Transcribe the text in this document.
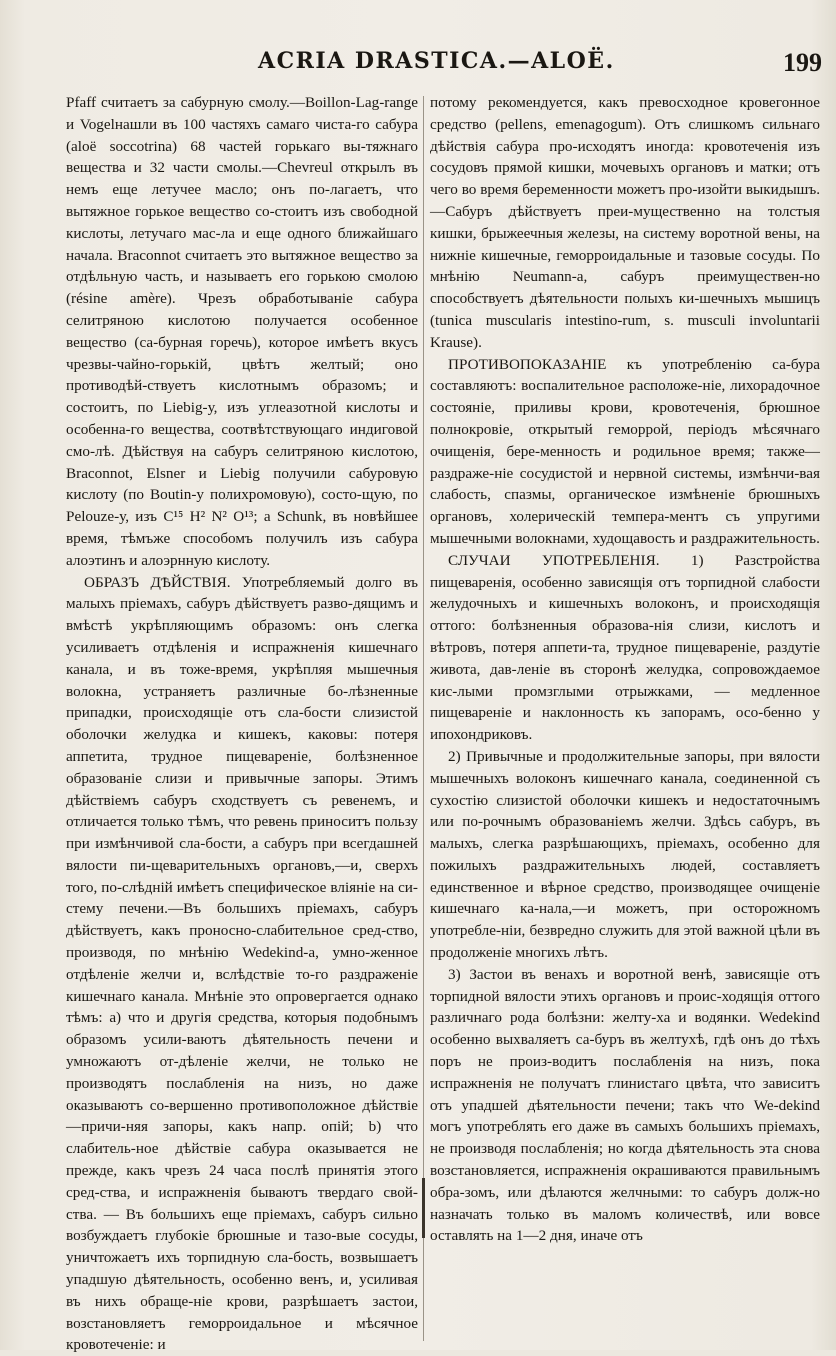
ACRIA DRASTICA.—ALOË.	199

Pfaff считаетъ за сабурную смолу.—Boillon-Lag-range и Vogelнашли въ 100 частяхъ самаго чиста-го сабура (aloë soccotrina) 68 частей горькаго вы-тяжнаго вещества и 32 части смолы.—Chevreul открылъ въ немъ еще летучее масло; онъ по-лагаетъ, что вытяжное горькое вещество со-стоитъ изъ свободной кислоты, летучаго мас-ла и еще одного ближайшаго начала. Braconnot считаетъ это вытяжное вещество за отдѣльную часть, и называетъ его горькою смолою (résine amère). Чрезъ обработываніе сабура селитряною кислотою получается особенное вещество (са-бурная горечь), которое имѣетъ вкусъ чрезвы-чайно-горькій, цвѣтъ желтый; оно противодѣй-ствуетъ кислотнымъ образомъ; и состоитъ, по Liebig-у, изъ углеазотной кислоты и особенна-го вещества, соотвѣтствующаго индиговой смо-лѣ. Дѣйствуя на сабуръ селитряною кислотою, Braconnot, Elsner и Liebig получили сабуровую кислоту (по Boutin-у полихромовую), состо-щую, по Pelouze-у, изъ C¹⁵ H² N² O¹³; а Schunk, въ новѣйшее время, тѣмъже способомъ получилъ изъ сабура алоэтинъ и алоэрнную кислоту.

ОБРАЗЪ ДѢЙСТВІЯ. Употребляемый долго въ малыхъ пріемахъ, сабуръ дѣйствуетъ разво-дящимъ и вмѣстѣ укрѣпляющимъ образомъ: онъ слегка усиливаетъ отдѣленія и испражненія кишечнаго канала, и въ тоже-время, укрѣпляя мышечныя волокна, устраняетъ различные бо-лѣзненные припадки, происходящіе отъ сла-бости слизистой оболочки желудка и кишекъ, каковы: потеря аппетита, трудное пищевареніе, болѣзненное образованіе слизи и привычные запоры. Этимъ дѣйствіемъ сабуръ сходствуетъ съ ревенемъ, и отличается только тѣмъ, что ревень приноситъ пользу при измѣнчивой сла-бости, а сабуръ при всегдашней вялости пи-щеварительныхъ органовъ,—и, сверхъ того, по-слѣдній имѣетъ специфическое вліяніе на си-стему печени.—Въ большихъ пріемахъ, сабуръ дѣйствуетъ, какъ проносно-слабительное сред-ство, производя, по мнѣнію Wedekind-а, умно-женное отдѣленіе желчи и, вслѣдствіе то-го раздраженіе кишечнаго канала. Мнѣніе это опровергается однако тѣмъ: a) что и другія средства, которыя подобнымъ образомъ усили-ваютъ дѣятельность печени и умножаютъ от-дѣленіе желчи, не только не производятъ послабленія на низъ, но даже оказываютъ со-вершенно противоположное дѣйствіе—причи-няя запоры, какъ напр. опій; b) что слабитель-ное дѣйствіе сабура оказывается не прежде, какъ чрезъ 24 часа послѣ принятія этого сред-ства, и испражненія бываютъ твердаго свой-ства. — Въ большихъ еще пріемахъ, сабуръ сильно возбуждаетъ глубокіе брюшные и тазо-вые сосуды, уничтожаетъ ихъ торпидную сла-бость, возвышаетъ упадшую дѣятельность, особенно венъ, и, усиливая въ нихъ обраще-ніе крови, разрѣшаетъ застои, возстановляетъ геморроидальное и мѣсячное кровотеченіе: и

потому рекомендуется, какъ превосходное кровегонное средство (pellens, emenagogum). Отъ слишкомъ сильнаго дѣйствія сабура про-исходятъ иногда: кровотеченія изъ сосудовъ прямой кишки, мочевыхъ органовъ и матки; отъ чего во время беременности можетъ про-изойти выкидышъ.—Сабуръ дѣйствуетъ преи-мущественно на толстыя кишки, брыжеечныя железы, на систему воротной вены, на нижніе кишечные, геморроидальные и тазовые сосуды. По мнѣнію Neumann-а, сабуръ преимуществен-но способствуетъ дѣятельности полыхъ ки-шечныхъ мышицъ (tunica muscularis intestino-rum, s. musculi involuntarii Krause).

ПРОТИВОПОКАЗАНІЕ къ употребленію са-бура составляютъ: воспалительное расположе-ніе, лихорадочное состояніе, приливы крови, кровотеченія, брюшное полнокровіе, открытый геморрой, періодъ мѣсячнаго очищенія, бере-менность и родильное время; также—раздраже-ніе сосудистой и нервной системы, измѣнчи-вая слабость, спазмы, органическое измѣненіе брюшныхъ органовъ, холерическій темпера-ментъ съ упругими мышечными волокнами, худощавость и раздражительность.

СЛУЧАИ УПОТРЕБЛЕНІЯ. 1) Разстройства пищеваренія, особенно зависящія отъ торпидной слабости желудочныхъ и кишечныхъ волоконъ, и происходящія оттого: болѣзненныя образова-нія слизи, кислотъ и вѣтровъ, потеря аппети-та, трудное пищевареніе, раздутіе живота, дав-леніе въ сторонѣ желудка, сопровождаемое кис-лыми промзглыми отрыжками, — медленное пищевареніе и наклонность къ запорамъ, осо-бенно у ипохондриковъ.

2) Привычные и продолжительные запоры, при вялости мышечныхъ волоконъ кишечнаго канала, соединенной съ сухостію слизистой оболочки кишекъ и недостаточнымъ или по-рочнымъ образованіемъ желчи. Здѣсь сабуръ, въ малыхъ, слегка разрѣшающихъ, пріемахъ, особенно для пожилыхъ раздражительныхъ людей, составляетъ единственное и вѣрное средство, производящее очищеніе кишечнаго ка-нала,—и можетъ, при осторожномъ употребле-ніи, безвредно служить для этой важной цѣли въ продолженіе многихъ лѣтъ.

3) Застои въ венахъ и воротной венѣ, зависящіе отъ торпидной вялости этихъ органовъ и проис-ходящія оттого различнаго рода болѣзни: желту-ха и водянки. Wedekind особенно выхваляетъ са-буръ въ желтухѣ, гдѣ онъ до тѣхъ поръ не произ-водитъ послабленія на низъ, пока испражненія не получатъ глинистаго цвѣта, что зависитъ отъ упадшей дѣятельности печени; такъ что We-dekind могъ употреблять его даже въ самыхъ большихъ пріемахъ, не производя послабленія; но когда дѣятельность эта снова возстановляется, испражненія окрашиваются правильнымъ обра-зомъ, или дѣлаются желчными: то сабуръ долж-но назначать только въ маломъ количествѣ, или вовсе оставлять на 1—2 дня, иначе отъ
